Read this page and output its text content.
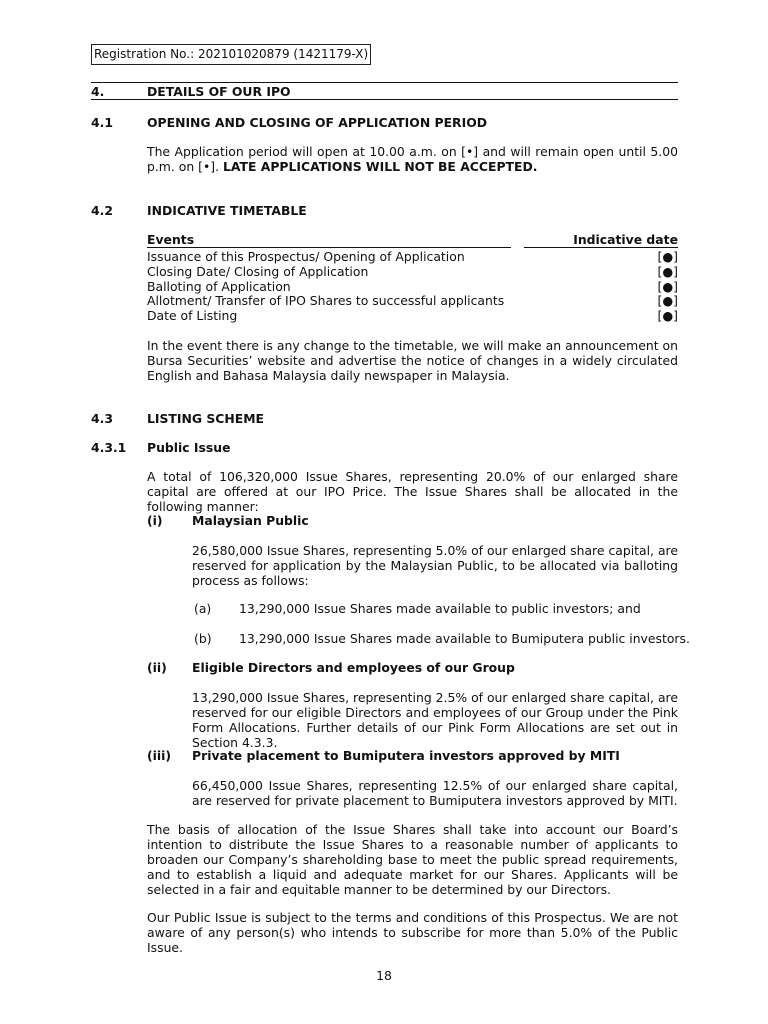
Registration No.: 202101020879 (1421179-X)
4.	DETAILS OF OUR IPO
4.1	OPENING AND CLOSING OF APPLICATION PERIOD
The Application period will open at 10.00 a.m. on [•] and will remain open until 5.00 p.m. on [•]. LATE APPLICATIONS WILL NOT BE ACCEPTED.
4.2	INDICATIVE TIMETABLE
Events	Indicative date
Issuance of this Prospectus/ Opening of Application	[●]
Closing Date/ Closing of Application	[●]
Balloting of Application	[●]
Allotment/ Transfer of IPO Shares to successful applicants	[●]
Date of Listing	[●]
In the event there is any change to the timetable, we will make an announcement on Bursa Securities’ website and advertise the notice of changes in a widely circulated English and Bahasa Malaysia daily newspaper in Malaysia.
4.3	LISTING SCHEME
4.3.1 Public Issue
A total of 106,320,000 Issue Shares, representing 20.0% of our enlarged share capital are offered at our IPO Price. The Issue Shares shall be allocated in the following manner:
(i) Malaysian Public
26,580,000 Issue Shares, representing 5.0% of our enlarged share capital, are reserved for application by the Malaysian Public, to be allocated via balloting process as follows:
(a) 13,290,000 Issue Shares made available to public investors; and
(b) 13,290,000 Issue Shares made available to Bumiputera public investors.
(ii) Eligible Directors and employees of our Group
13,290,000 Issue Shares, representing 2.5% of our enlarged share capital, are reserved for our eligible Directors and employees of our Group under the Pink Form Allocations. Further details of our Pink Form Allocations are set out in Section 4.3.3.
(iii) Private placement to Bumiputera investors approved by MITI
66,450,000 Issue Shares, representing 12.5% of our enlarged share capital, are reserved for private placement to Bumiputera investors approved by MITI.
The basis of allocation of the Issue Shares shall take into account our Board’s intention to distribute the Issue Shares to a reasonable number of applicants to broaden our Company’s shareholding base to meet the public spread requirements, and to establish a liquid and adequate market for our Shares. Applicants will be selected in a fair and equitable manner to be determined by our Directors.
Our Public Issue is subject to the terms and conditions of this Prospectus. We are not aware of any person(s) who intends to subscribe for more than 5.0% of the Public Issue.
18
